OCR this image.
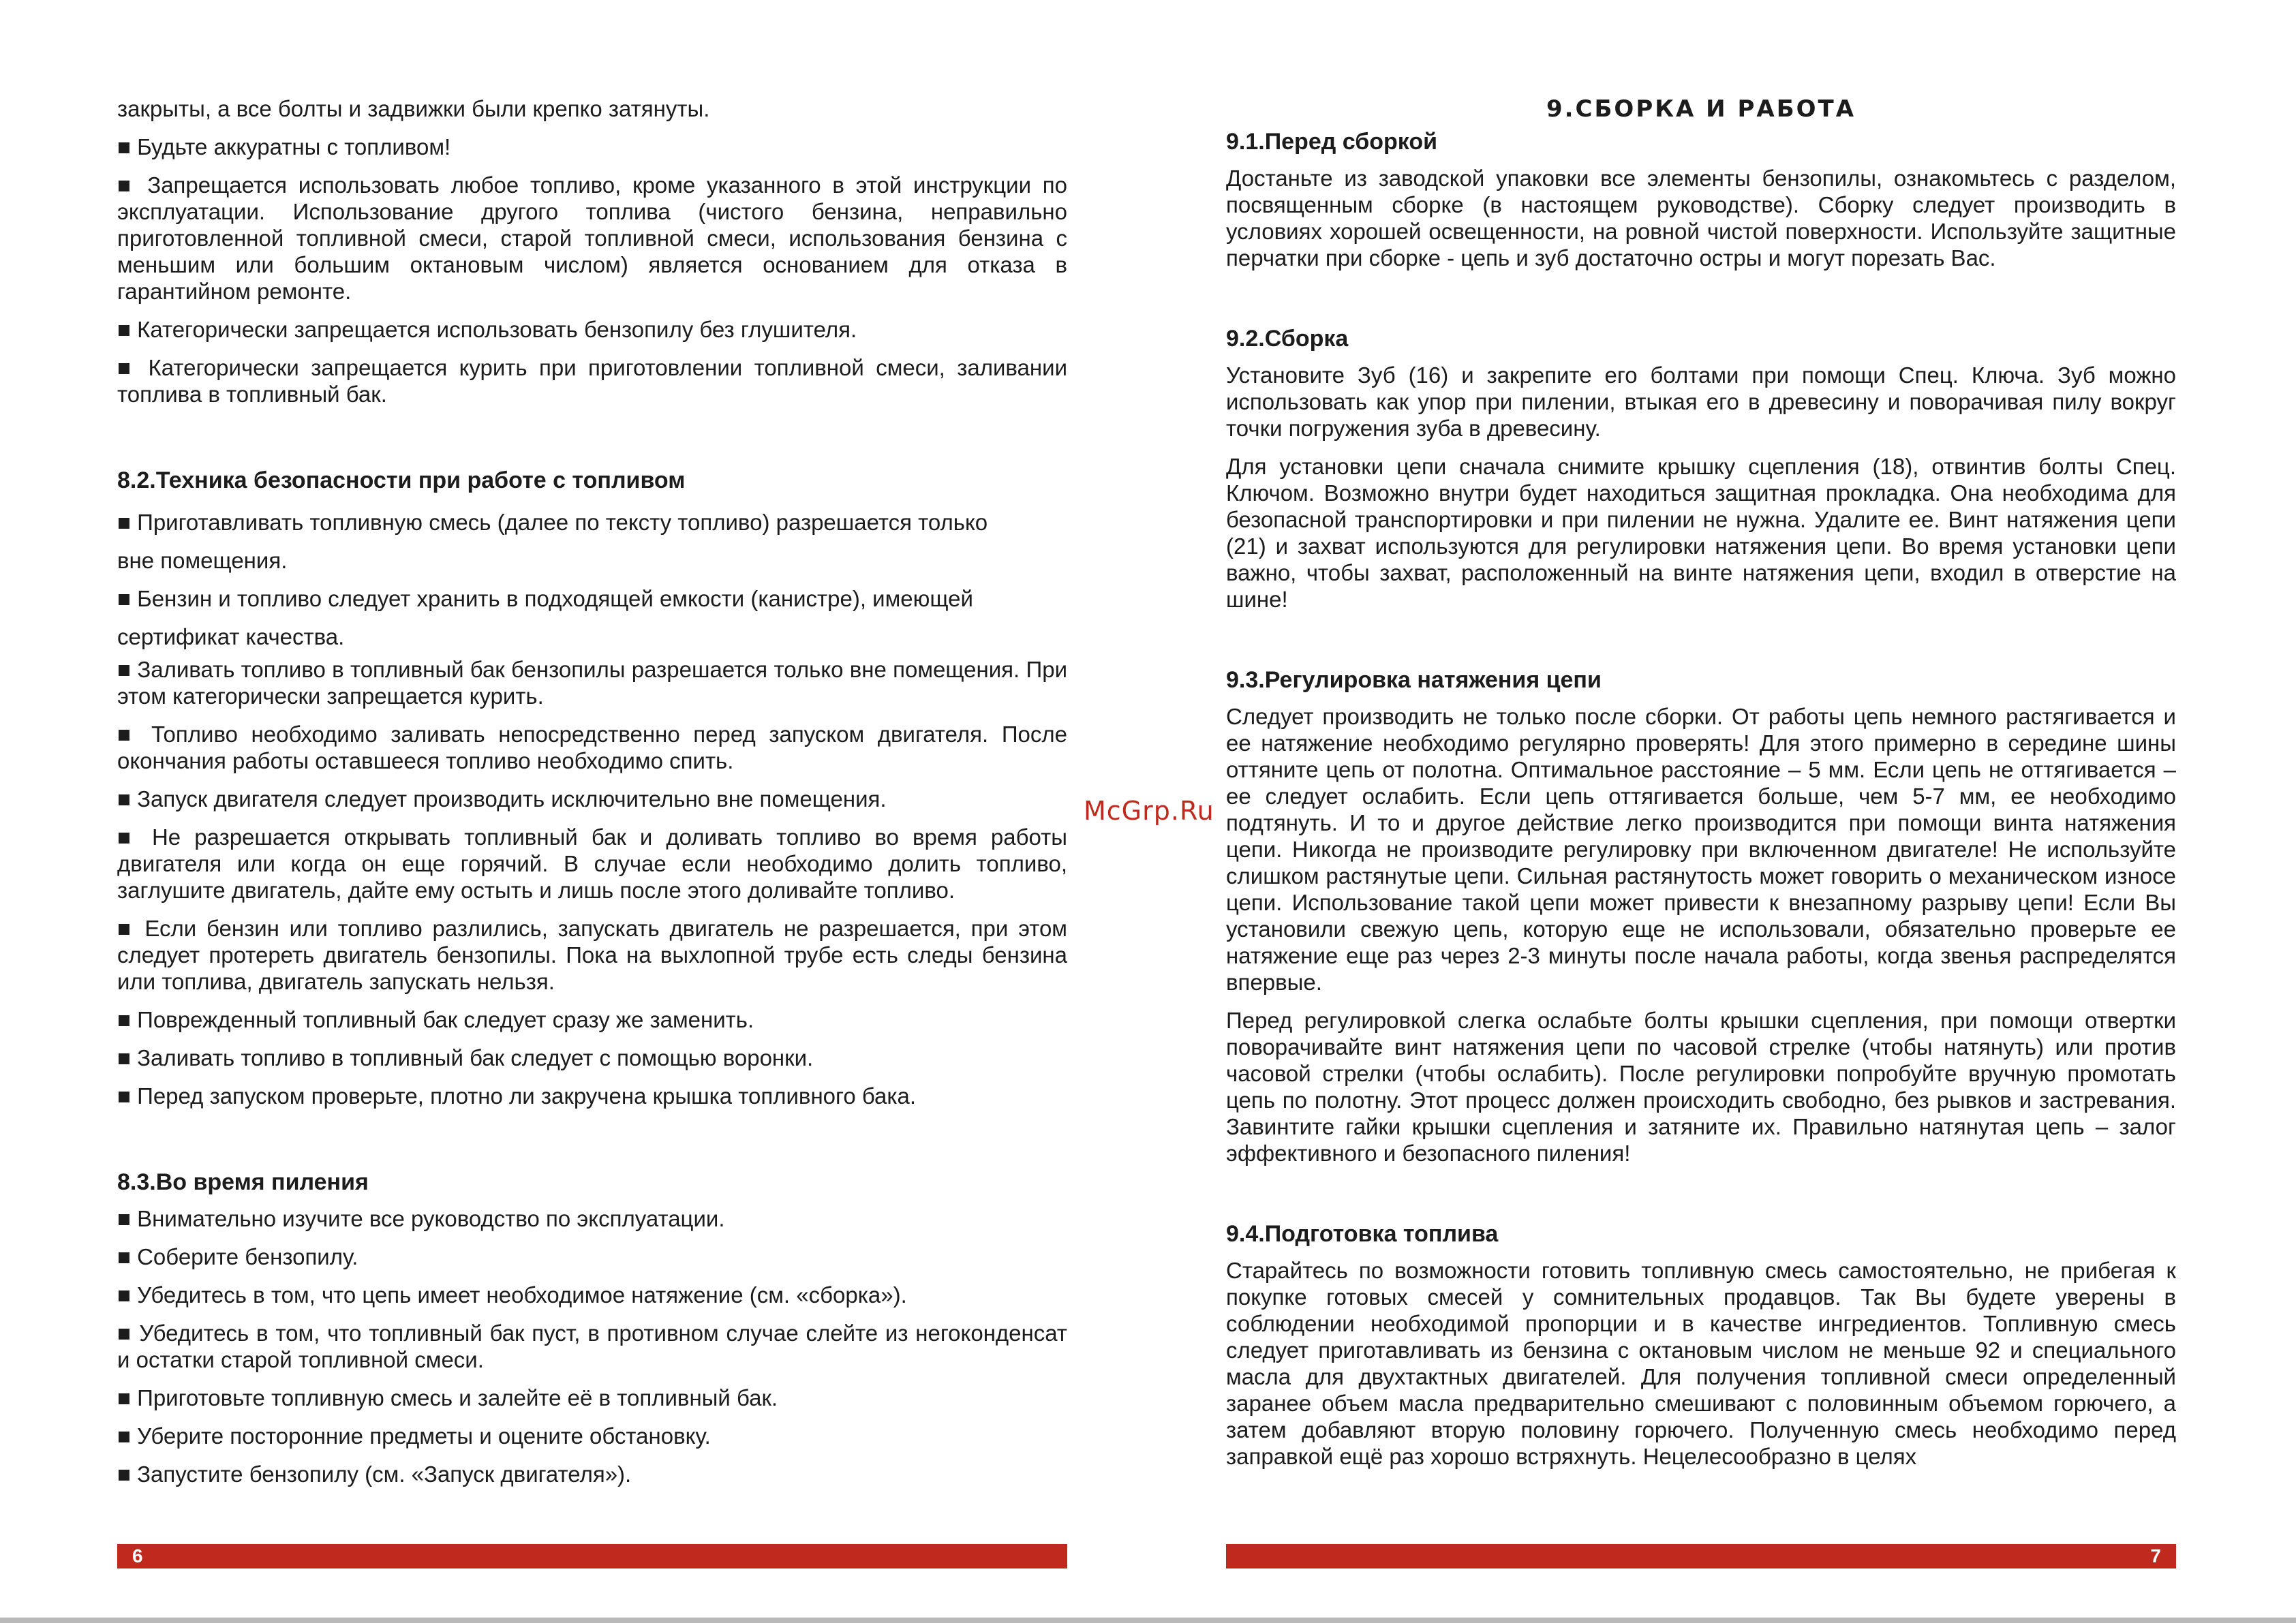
закрыты, а все болты и задвижки были крепко затянуты.

■ Будьте аккуратны с топливом!

■ Запрещается использовать любое топливо, кроме указанного в этой инструкции по эксплуатации. Использование другого топлива (чистого бензина, неправильно приготовленной топливной смеси, старой топливной смеси, использования бензина с меньшим или большим октановым числом) является основанием для отказа в гарантийном ремонте.

■ Категорически запрещается использовать бензопилу без глушителя.

■ Категорически запрещается курить при приготовлении топливной смеси, заливании топлива в топливный бак.

8.2.Техника безопасности при работе с топливом

■ Приготавливать топливную смесь (далее по тексту топливо) разрешается только

вне помещения.

■ Бензин и топливо следует хранить в подходящей емкости (канистре), имеющей

сертификат качества.

■ Заливать топливо в топливный бак бензопилы разрешается только вне помещения. При этом категорически запрещается курить.

■ Топливо необходимо заливать непосредственно перед запуском двигателя. После окончания работы оставшееся топливо необходимо спить.

■ Запуск двигателя следует производить исключительно вне помещения.

■ Не разрешается открывать топливный бак и доливать топливо во время работы двигателя или когда он еще горячий. В случае если необходимо долить топливо, заглушите двигатель, дайте ему остыть и лишь после этого доливайте топливо.

■ Если бензин или топливо разлились, запускать двигатель не разрешается, при этом следует протереть двигатель бензопилы. Пока на выхлопной трубе есть следы бензина или топлива, двигатель запускать нельзя.

■ Поврежденный топливный бак следует сразу же заменить.

■ Заливать топливо в топливный бак следует с помощью воронки.

■ Перед запуском проверьте, плотно ли закручена крышка топливного бака.

8.3.Во время пиления

■ Внимательно изучите все руководство по эксплуатации.

■ Соберите бензопилу.

■ Убедитесь в том, что цепь имеет необходимое натяжение (см. «сборка»).

■ Убедитесь в том, что топливный бак пуст, в противном случае слейте из негоконденсат и остатки старой топливной смеси.

■ Приготовьте топливную смесь и залейте её в топливный бак.

■ Уберите посторонние предметы и оцените обстановку.

■ Запустите бензопилу (см. «Запуск двигателя»).

6
9.СБОРКА И РАБОТА
9.1.Перед сборкой

Достаньте из заводской упаковки все элементы бензопилы, ознакомьтесь с разделом, посвященным сборке (в настоящем руководстве). Сборку следует производить в условиях хорошей освещенности, на ровной чистой поверхности. Используйте защитные перчатки при сборке - цепь и зуб достаточно остры и могут порезать Вас.

9.2.Сборка

Установите Зуб (16) и закрепите его болтами при помощи Спец. Ключа. Зуб можно использовать как упор при пилении, втыкая его в древесину и поворачивая пилу вокруг точки погружения зуба в древесину.

Для установки цепи сначала снимите крышку сцепления (18), отвинтив болты Спец. Ключом. Возможно внутри будет находиться защитная прокладка. Она необходима для безопасной транспортировки и при пилении не нужна. Удалите ее. Винт натяжения цепи (21) и захват используются для регулировки натяжения цепи. Во время установки цепи важно, чтобы захват, расположенный на винте натяжения цепи, входил в отверстие на шине!

9.3.Регулировка натяжения цепи

Следует производить не только после сборки. От работы цепь немного растягивается и ее натяжение необходимо регулярно проверять! Для этого примерно в середине шины оттяните цепь от полотна. Оптимальное расстояние – 5 мм. Если цепь не оттягивается – ее следует ослабить. Если цепь оттягивается больше, чем 5-7 мм, ее необходимо подтянуть. И то и другое действие легко производится при помощи винта натяжения цепи. Никогда не производите регулировку при включенном двигателе! Не используйте слишком растянутые цепи. Сильная растянутость может говорить о механическом износе цепи. Использование такой цепи может привести к внезапному разрыву цепи! Если Вы установили свежую цепь, которую еще не использовали, обязательно проверьте ее натяжение еще раз через 2-3 минуты после начала работы, когда звенья распределятся впервые.

Перед регулировкой слегка ослабьте болты крышки сцепления, при помощи отвертки поворачивайте винт натяжения цепи по часовой стрелке (чтобы натянуть) или против часовой стрелки (чтобы ослабить). После регулировки попробуйте вручную промотать цепь по полотну. Этот процесс должен происходить свободно, без рывков и застревания. Завинтите гайки крышки сцепления и затяните их. Правильно натянутая цепь – залог эффективного и безопасного пиления!

9.4.Подготовка топлива

Старайтесь по возможности готовить топливную смесь самостоятельно, не прибегая к покупке готовых смесей у сомнительных продавцов. Так Вы будете уверены в соблюдении необходимой пропорции и в качестве ингредиентов. Топливную смесь следует приготавливать из бензина с октановым числом не меньше 92 и специального масла для двухтактных двигателей. Для получения топливной смеси определенный заранее объем масла предварительно смешивают с половинным объемом горючего, а затем добавляют вторую половину горючего. Полученную смесь необходимо перед заправкой ещё раз хорошо встряхнуть. Нецелесообразно в целях

7
McGrp.Ru
